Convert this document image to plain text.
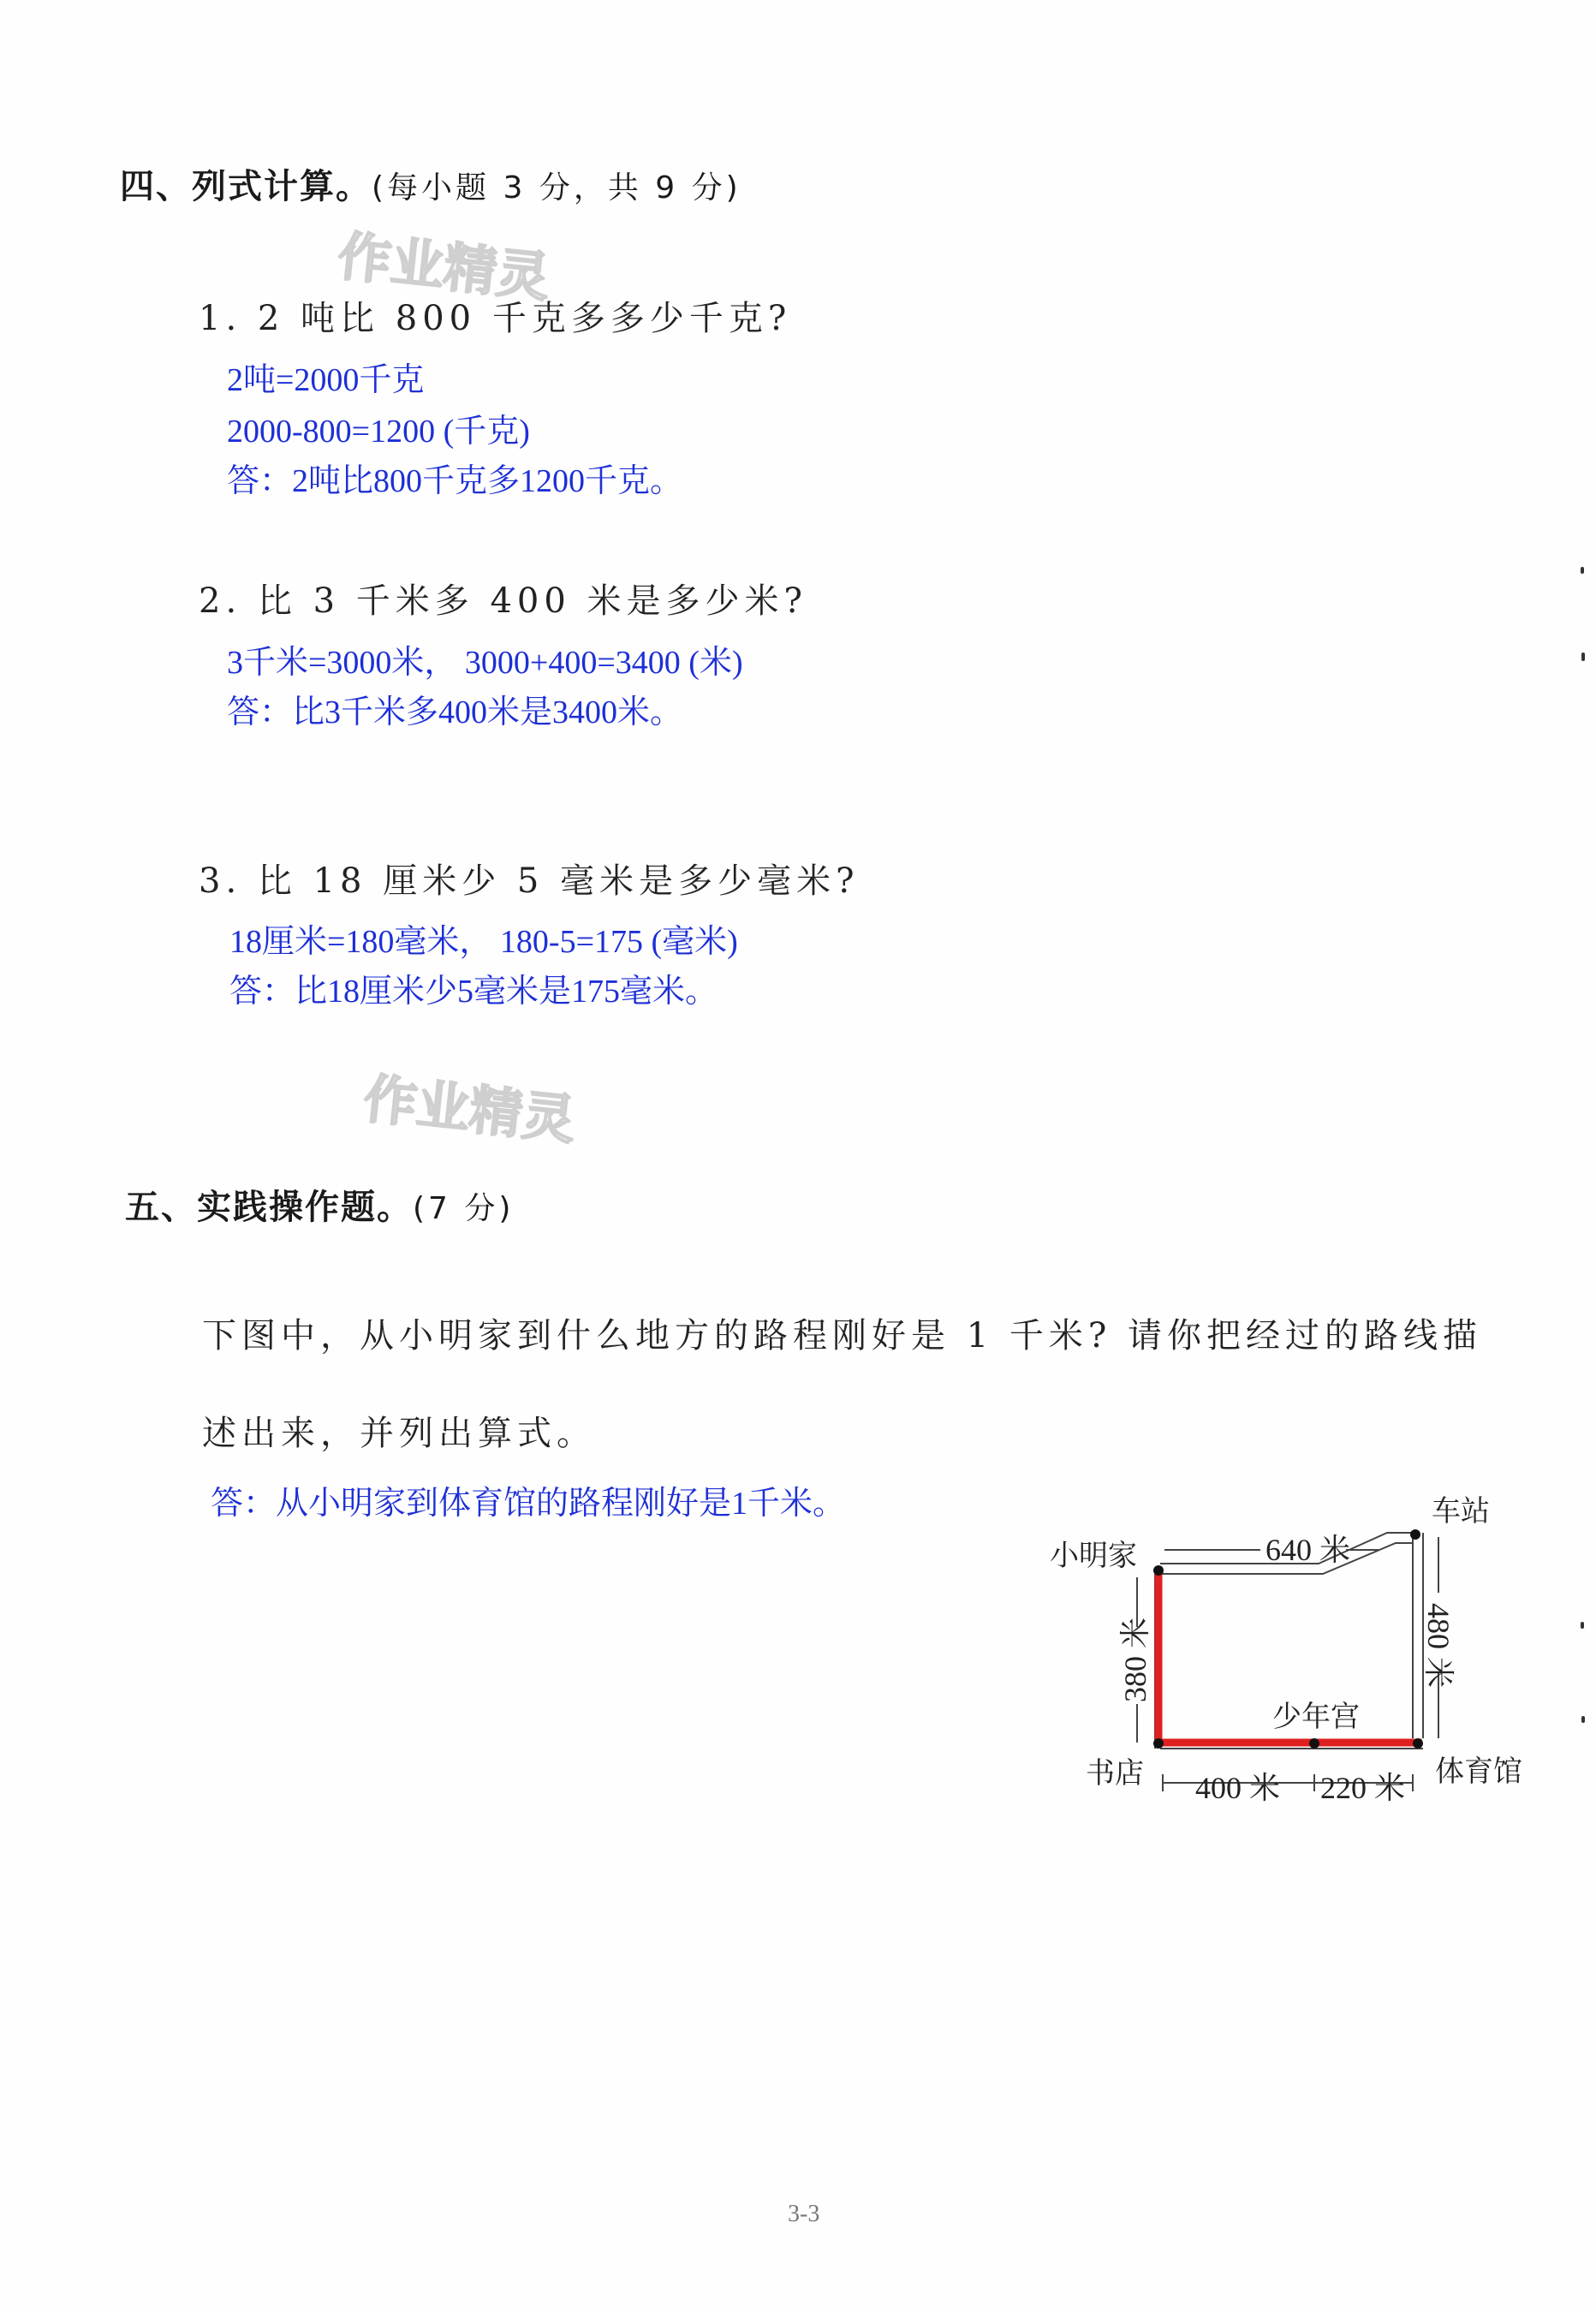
四、列式计算。(每小题 3 分，共 9 分)
作业精灵
1. 2 吨比 800 千克多多少千克?
2吨=2000千克
2000-800=1200 (千克)
答：2吨比800千克多1200千克。
2. 比 3 千米多 400 米是多少米?
3千米=3000米， 3000+400=3400 (米)
答：比3千米多400米是3400米。
3. 比 18 厘米少 5 毫米是多少毫米?
18厘米=180毫米， 180-5=175 (毫米)
答：比18厘米少5毫米是175毫米。
作业精灵
五、实践操作题。(7 分)
下图中，从小明家到什么地方的路程刚好是 1 千米? 请你把经过的路线描
述出来，并列出算式。
答：从小明家到体育馆的路程刚好是1千米。
小明家
车站
书店
少年宫
体育馆
640 米
400 米 220 米
380 米	480 米
3-3
